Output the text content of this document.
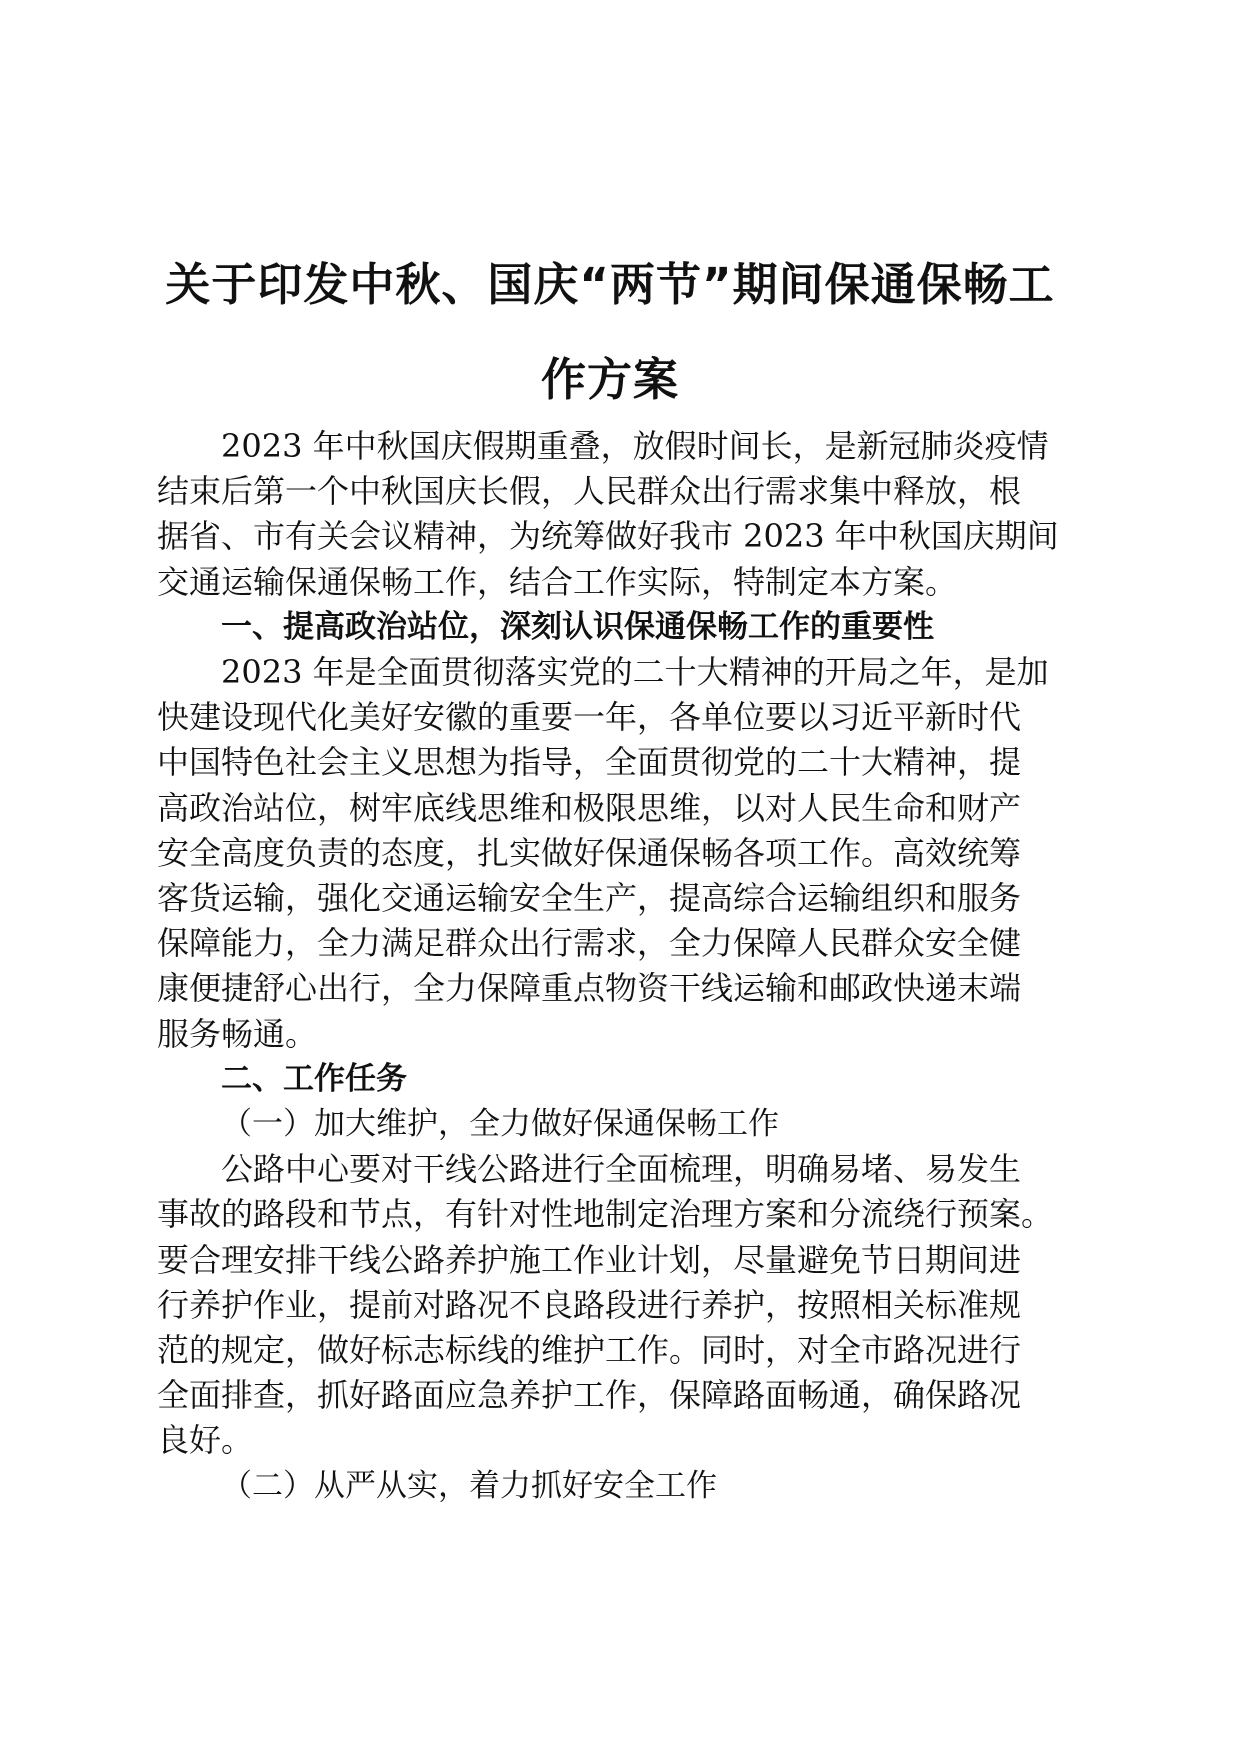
关于印发中秋、国庆“两节”期间保通保畅工
作方案
2023 年中秋国庆假期重叠，放假时间长，是新冠肺炎疫情
结束后第一个中秋国庆长假，人民群众出行需求集中释放，根
据省、市有关会议精神，为统筹做好我市 2023 年中秋国庆期间
交通运输保通保畅工作，结合工作实际，特制定本方案。
一、提高政治站位，深刻认识保通保畅工作的重要性
2023 年是全面贯彻落实党的二十大精神的开局之年，是加
快建设现代化美好安徽的重要一年，各单位要以习近平新时代
中国特色社会主义思想为指导，全面贯彻党的二十大精神，提
高政治站位，树牢底线思维和极限思维，以对人民生命和财产
安全高度负责的态度，扎实做好保通保畅各项工作。高效统筹
客货运输，强化交通运输安全生产，提高综合运输组织和服务
保障能力，全力满足群众出行需求，全力保障人民群众安全健
康便捷舒心出行，全力保障重点物资干线运输和邮政快递末端
服务畅通。
二、工作任务
（一）加大维护，全力做好保通保畅工作
公路中心要对干线公路进行全面梳理，明确易堵、易发生
事故的路段和节点，有针对性地制定治理方案和分流绕行预案。
要合理安排干线公路养护施工作业计划，尽量避免节日期间进
行养护作业，提前对路况不良路段进行养护，按照相关标准规
范的规定，做好标志标线的维护工作。同时，对全市路况进行
全面排查，抓好路面应急养护工作，保障路面畅通，确保路况
良好。
（二）从严从实，着力抓好安全工作
